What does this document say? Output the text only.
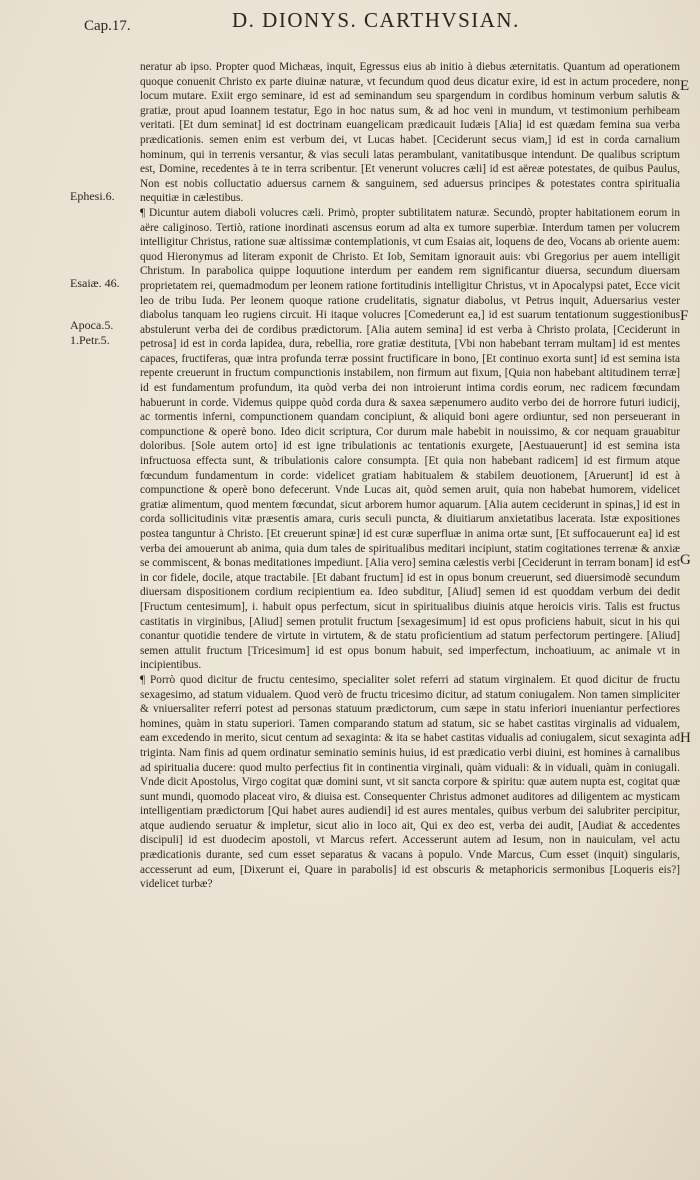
Cap.17.	D. DIONYS. CARTHVSIAN.
E
F
G
H
Ephesi.6.
Esaiæ. 46.
Apoca.5.
1.Petr.5.

neratur ab ipso. Propter quod Michæas, inquit, Egressus eius ab initio à diebus æternitatis. Quantum ad operationem quoque conuenit Christo ex parte diuinæ naturæ, vt fecundum quod deus dicatur exire, id est in actum procedere, non locum mutare. Exiit ergo seminare, id est ad seminandum seu spargendum in cordibus hominum verbum salutis & gratiæ, prout apud Ioannem testatur, Ego in hoc natus sum, & ad hoc veni in mundum, vt testimonium perhibeam veritati. [Et dum seminat] id est doctrinam euangelicam prædicauit Iudæis [Alia] id est quædam femina sua verba prædicationis. semen enim est verbum dei, vt Lucas habet. [Ceciderunt secus viam,] id est in corda carnalium hominum, qui in terrenis versantur, & vias seculi latas perambulant, vanitatibusque intendunt. De qualibus scriptum est, Domine, recedentes à te in terra scribentur. [Et venerunt volucres cæli] id est aëreæ potestates, de quibus Paulus, Non est nobis colluctatio aduersus carnem & sanguinem, sed aduersus principes & potestates contra spiritualia nequitiæ in cælestibus.

¶ Dicuntur autem diaboli volucres cæli. Primò, propter subtilitatem naturæ. Secundò, propter habitationem eorum in aëre caliginoso. Tertiò, ratione inordinati ascensus eorum ad alta ex tumore superbiæ. Interdum tamen per volucrem intelligitur Christus, ratione suæ altissimæ contemplationis, vt cum Esaias ait, loquens de deo, Vocans ab oriente auem: quod Hieronymus ad literam exponit de Christo. Et Iob, Semitam ignorauit auis: vbi Gregorius per auem intelligit Christum. In parabolica quippe loquutione interdum per eandem rem significantur diuersa, secundum diuersam proprietatem rei, quemadmodum per leonem ratione fortitudinis intelligitur Christus, vt in Apocalypsi patet, Ecce vicit leo de tribu Iuda. Per leonem quoque ratione crudelitatis, signatur diabolus, vt Petrus inquit, Aduersarius vester diabolus tanquam leo rugiens circuit. Hi itaque volucres [Comederunt ea,] id est suarum tentationum suggestionibus abstulerunt verba dei de cordibus prædictorum. [Alia autem semina] id est verba à Christo prolata, [Ceciderunt in petrosa] id est in corda lapidea, dura, rebellia, rore gratiæ destituta, [Vbi non habebant terram multam] id est mentes capaces, fructiferas, quæ intra profunda terræ possint fructificare in bono, [Et continuo exorta sunt] id est semina ista repente creuerunt in fructum compunctionis instabilem, non firmum aut fixum, [Quia non habebant altitudinem terræ] id est fundamentum profundum, ita quòd verba dei non introierunt intima cordis eorum, nec radicem fœcundam habuerunt in corde. Videmus quippe quòd corda dura & saxea sæpenumero audito verbo dei de horrore futuri iudicij, ac tormentis inferni, compunctionem quandam concipiunt, & aliquid boni agere ordiuntur, sed non perseuerant in compunctione & operè bono. Ideo dicit scriptura, Cor durum male habebit in nouissimo, & cor nequam grauabitur doloribus. [Sole autem orto] id est igne tribulationis ac tentationis exurgete, [Aestuauerunt] id est semina ista infructuosa effecta sunt, & tribulationis calore consumpta. [Et quia non habebant radicem] id est firmum atque fœcundum fundamentum in corde: videlicet gratiam habitualem & stabilem deuotionem, [Aruerunt] id est à compunctione & operè bono defecerunt. Vnde Lucas ait, quòd semen aruit, quia non habebat humorem, videlicet gratiæ alimentum, quod mentem fœcundat, sicut arborem humor aquarum. [Alia autem ceciderunt in spinas,] id est in corda sollicitudinis vitæ præsentis amara, curis seculi puncta, & diuitiarum anxietatibus lacerata. Istæ expositiones postea tanguntur à Christo. [Et creuerunt spinæ] id est curæ superfluæ in anima ortæ sunt, [Et suffocauerunt ea] id est verba dei amouerunt ab anima, quia dum tales de spiritualibus meditari incipiunt, statim cogitationes terrenæ & anxiæ se commiscent, & bonas meditationes impediunt. [Alia vero] semina cælestis verbi [Ceciderunt in terram bonam] id est in cor fidele, docile, atque tractabile. [Et dabant fructum] id est in opus bonum creuerunt, sed diuersimodè secundum diuersam dispositionem cordium recipientium ea. Ideo subditur, [Aliud] semen id est quoddam verbum dei dedit [Fructum centesimum], i. habuit opus perfectum, sicut in spiritualibus diuinis atque heroicis viris. Talis est fructus castitatis in virginibus, [Aliud] semen protulit fructum [sexagesimum] id est opus proficiens habuit, sicut in his qui conantur quotidie tendere de virtute in virtutem, & de statu proficientium ad statum perfectorum pertingere. [Aliud] semen attulit fructum [Tricesimum] id est opus bonum habuit, sed imperfectum, inchoatiuum, ac animale vt in incipientibus.

¶ Porrò quod dicitur de fructu centesimo, specialiter solet referri ad statum virginalem. Et quod dicitur de fructu sexagesimo, ad statum vidualem. Quod verò de fructu tricesimo dicitur, ad statum coniugalem. Non tamen simpliciter & vniuersaliter referri potest ad personas statuum prædictorum, cum sæpe in statu inferiori inueniantur perfectiores homines, quàm in statu superiori. Tamen comparando statum ad statum, sic se habet castitas virginalis ad vidualem, eam excedendo in merito, sicut centum ad sexaginta: & ita se habet castitas vidualis ad coniugalem, sicut sexaginta ad triginta. Nam finis ad quem ordinatur seminatio seminis huius, id est prædicatio verbi diuini, est homines à carnalibus ad spiritualia ducere: quod multo perfectius fit in continentia virginali, quàm viduali: & in viduali, quàm in coniugali. Vnde dicit Apostolus, Virgo cogitat quæ domini sunt, vt sit sancta corpore & spiritu: quæ autem nupta est, cogitat quæ sunt mundi, quomodo placeat viro, & diuisa est. Consequenter Christus admonet auditores ad diligentem ac mysticam intelligentiam prædictorum [Qui habet aures audiendi] id est aures mentales, quibus verbum dei salubriter percipitur, atque audiendo seruatur & impletur, sicut alio in loco ait, Qui ex deo est, verba dei audit, [Audiat & accedentes discipuli] id est duodecim apostoli, vt Marcus refert. Accesserunt autem ad Iesum, non in nauiculam, vel actu prædicationis durante, sed cum esset separatus & vacans à populo. Vnde Marcus, Cum esset (inquit) singularis, accesserunt ad eum, [Dixerunt ei, Quare in parabolis] id est obscuris & metaphoricis sermonibus [Loqueris eis?] videlicet turbæ?
